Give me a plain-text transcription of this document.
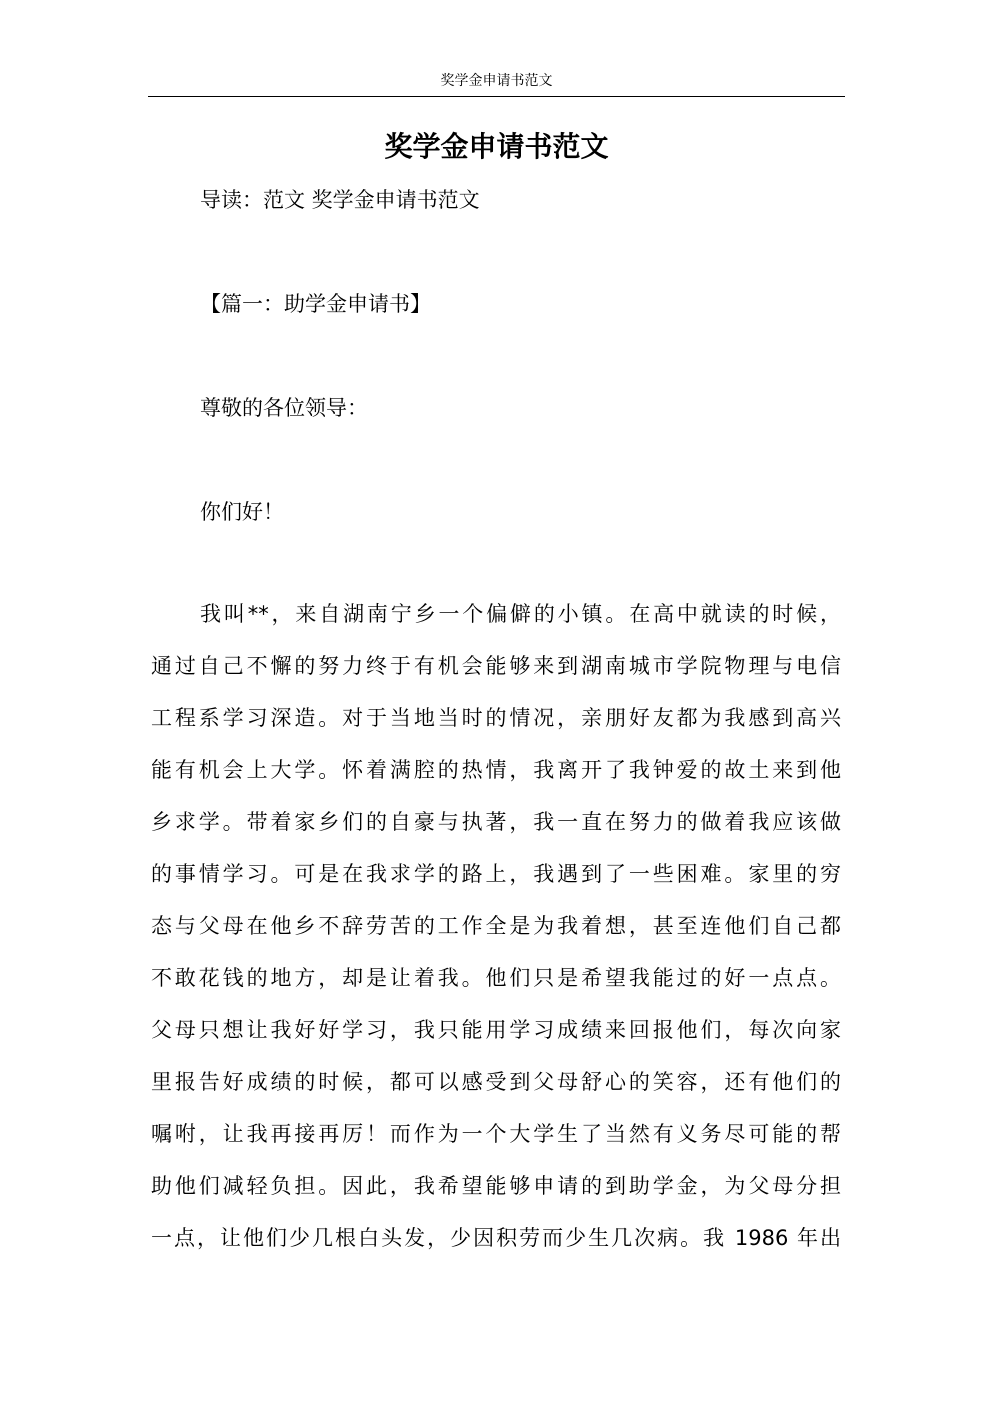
奖学金申请书范文
奖学金申请书范文
导读：范文 奖学金申请书范文
【篇一：助学金申请书】
尊敬的各位领导：
你们好！
我叫**，来自湖南宁乡一个偏僻的小镇。在高中就读的时候，
通过自己不懈的努力终于有机会能够来到湖南城市学院物理与电信
工程系学习深造。对于当地当时的情况，亲朋好友都为我感到高兴
能有机会上大学。怀着满腔的热情，我离开了我钟爱的故土来到他
乡求学。带着家乡们的自豪与执著，我一直在努力的做着我应该做
的事情学习。可是在我求学的路上，我遇到了一些困难。家里的穷
态与父母在他乡不辞劳苦的工作全是为我着想，甚至连他们自己都
不敢花钱的地方，却是让着我。他们只是希望我能过的好一点点。
父母只想让我好好学习，我只能用学习成绩来回报他们，每次向家
里报告好成绩的时候，都可以感受到父母舒心的笑容，还有他们的
嘱咐，让我再接再厉！而作为一个大学生了当然有义务尽可能的帮
助他们减轻负担。因此，我希望能够申请的到助学金，为父母分担
一点，让他们少几根白头发，少因积劳而少生几次病。我 1986 年出
